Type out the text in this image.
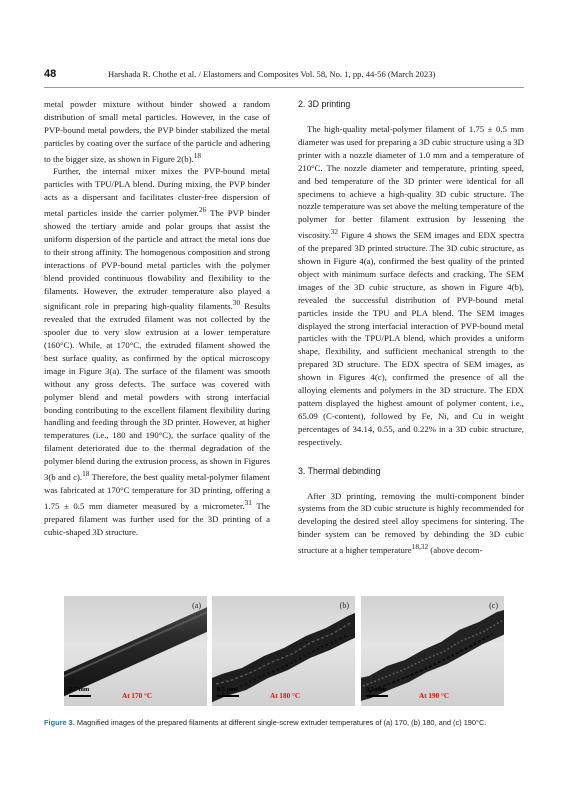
48	Harshada R. Chothe et al. / Elastomers and Composites Vol. 58, No. 1, pp. 44-56 (March 2023)

metal powder mixture without binder showed a random distribution of small metal particles. However, in the case of PVP-bound metal powders, the PVP binder stabilized the metal particles by coating over the surface of the particle and adhering to the bigger size, as shown in Figure 2(b).$^{18}$

Further, the internal mixer mixes the PVP-bound metal particles with TPU/PLA blend. During mixing, the PVP binder acts as a dispersant and facilitates cluster-free dispersion of metal particles inside the carrier polymer.$^{26}$ The PVP binder showed the tertiary amide and polar groups that assist the uniform dispersion of the particle and attract the metal ions due to their strong affinity. The homogenous composition and strong interactions of PVP-bound metal particles with the polymer blend provided continuous flowability and flexibility to the filaments. However, the extruder temperature also played a significant role in preparing high-quality filaments.$^{30}$ Results revealed that the extruded filament was not collected by the spooler due to very slow extrusion at a lower temperature (160°C). While, at 170°C, the extruded filament showed the best surface quality, as confirmed by the optical microscopy image in Figure 3(a). The surface of the filament was smooth without any gross defects. The surface was covered with polymer blend and metal powders with strong interfacial bonding contributing to the excellent filament flexibility during handling and feeding through the 3D printer. However, at higher temperatures (i.e., 180 and 190°C), the surface quality of the filament deteriorated due to the thermal degradation of the polymer blend during the extrusion process, as shown in Figures 3(b and c).$^{18}$ Therefore, the best quality metal-polymer filament was fabricated at 170°C temperature for 3D printing, offering a 1.75 ± 0.5 mm diameter measured by a micrometer.$^{31}$ The prepared filament was further used for the 3D printing of a cubic-shaped 3D structure.

2. 3D printing

The high-quality metal-polymer filament of 1.75 ± 0.5 mm diameter was used for preparing a 3D cubic structure using a 3D printer with a nozzle diameter of 1.0 mm and a temperature of 210°C. The nozzle diameter and temperature, printing speed, and bed temperature of the 3D printer were identical for all specimens to achieve a high-quality 3D cubic structure. The nozzle temperature was set above the melting temperature of the polymer for better filament extrusion by lessening the viscosity.$^{32}$ Figure 4 shows the SEM images and EDX spectra of the prepared 3D printed structure. The 3D cubic structure, as shown in Figure 4(a), confirmed the best quality of the printed object with minimum surface defects and cracking. The SEM images of the 3D cubic structure, as shown in Figure 4(b), revealed the successful distribution of PVP-bound metal particles inside the TPU and PLA blend. The SEM images displayed the strong interfacial interaction of PVP-bound metal particles with the TPU/PLA blend, which provides a uniform shape, flexibility, and sufficient mechanical strength to the prepared 3D structure. The EDX spectra of SEM images, as shown in Figures 4(c), confirmed the presence of all the alloying elements and polymers in the 3D structure. The EDX pattern displayed the highest amount of polymer content, i.e., 65.09 (C-content), followed by Fe, Ni, and Cu in weight percentages of 34.14, 0.55, and 0.22% in a 3D cubic structure, respectively.

3. Thermal debinding

After 3D printing, removing the multi-component binder systems from the 3D cubic structure is highly recommended for developing the desired steel alloy specimens for sintering. The binder system can be removed by debinding the 3D cubic structure at a higher temperature$^{18,32}$ (above decom-

(a)
0.5 mm
At 170 °C
(b)
0.5 mm
At 180 °C
(c)
0.5 mm
At 190 °C
Figure 3. Magnified images of the prepared filaments at different single-screw extruder temperatures of (a) 170, (b) 180, and (c) 190°C.
